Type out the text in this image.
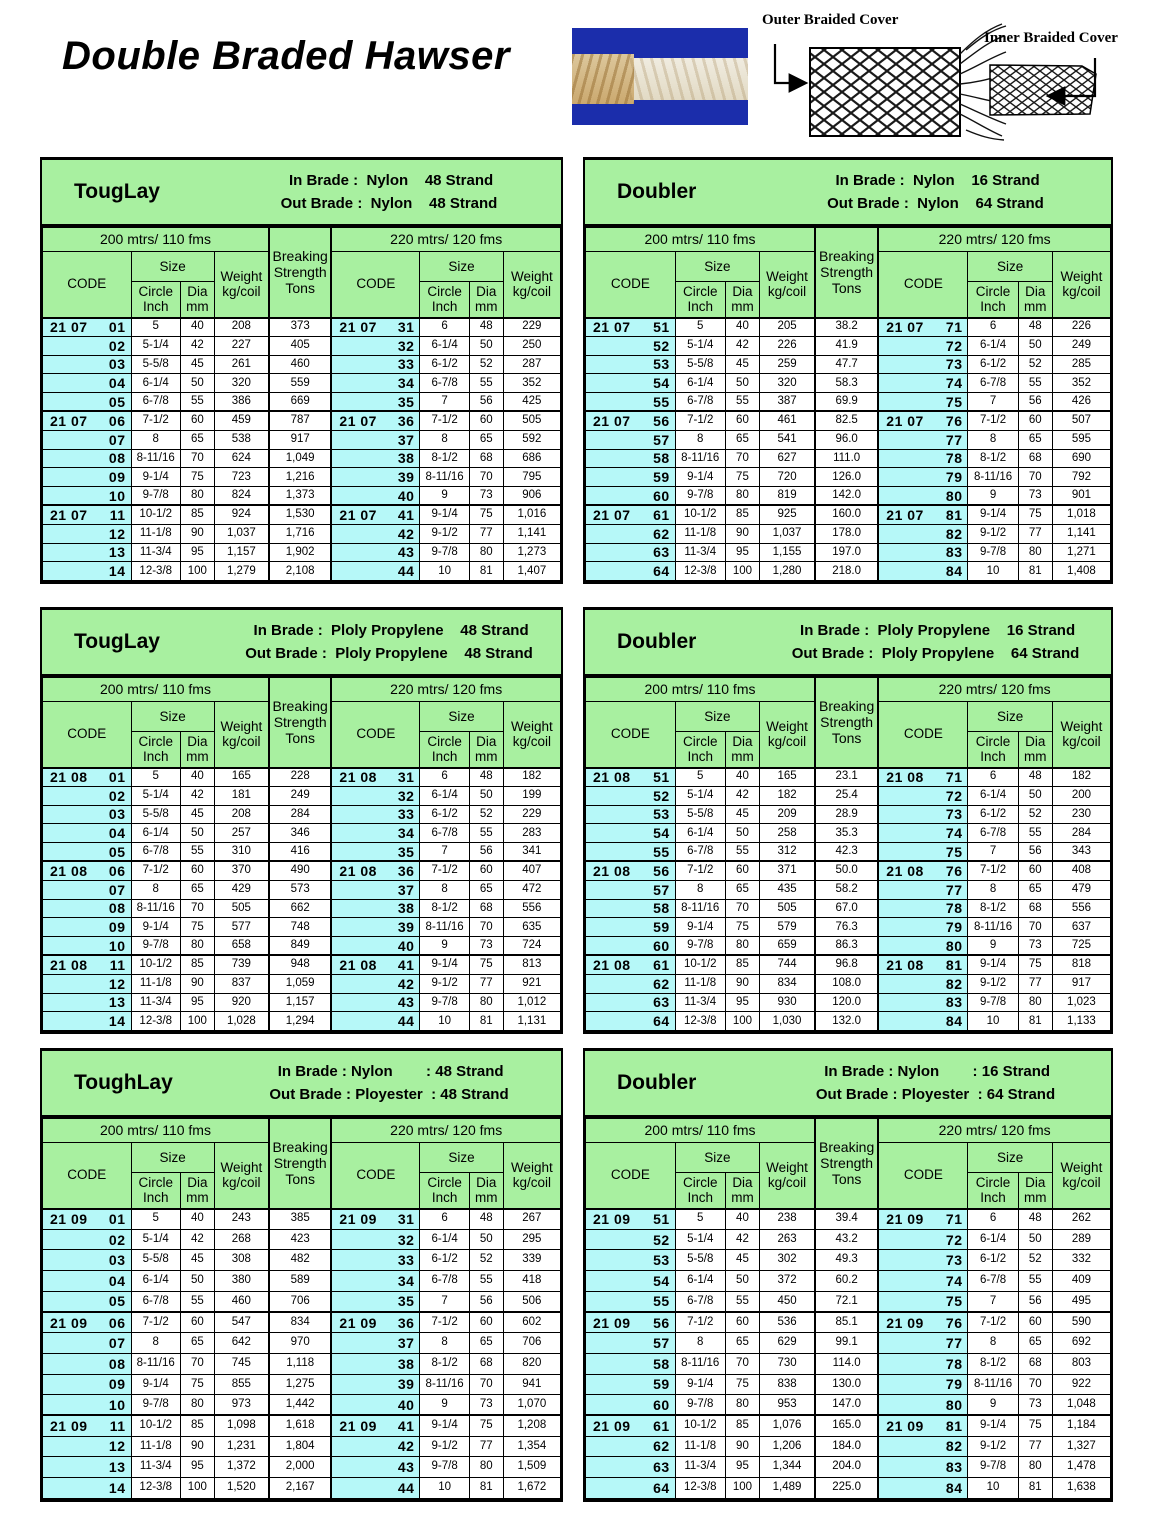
Double Braded Hawser
Outer Braided Cover
Inner Braided Cover
TougLay	In Brade :  Nylon    48 Strand
Out Brade :  Nylon    48 Strand
200 mtrs/ 110 fms				Breaking Strength Tons	220 mtrs/ 120 fms			
CODE	Size		Weight kg/coil		CODE	Size		Weight kg/coil
	Circle Inch	Dia mm				Circle Inch	Dia mm	

21 07 01	5	40	208	373	21 07 31	6	48	229

02	5-1/4	42	227	405	32	6-1/4	50	250

03	5-5/8	45	261	460	33	6-1/2	52	287

04	6-1/4	50	320	559	34	6-7/8	55	352

05	6-7/8	55	386	669	35	7	56	425

21 07 06	7-1/2	60	459	787	21 07 36	7-1/2	60	505

07	8	65	538	917	37	8	65	592

08	8-11/16	70	624	1,049	38	8-1/2	68	686

09	9-1/4	75	723	1,216	39	8-11/16	70	795

10	9-7/8	80	824	1,373	40	9	73	906

21 07 11	10-1/2	85	924	1,530	21 07 41	9-1/4	75	1,016

12	11-1/8	90	1,037	1,716	42	9-1/2	77	1,141

13	11-3/4	95	1,157	1,902	43	9-7/8	80	1,273

14	12-3/8	100	1,279	2,108	44	10	81	1,407
Doubler	In Brade :  Nylon    16 Strand
Out Brade :  Nylon    64 Strand
200 mtrs/ 110 fms				Breaking Strength Tons	220 mtrs/ 120 fms			
CODE	Size		Weight kg/coil		CODE	Size		Weight kg/coil
	Circle Inch	Dia mm				Circle Inch	Dia mm	

21 07 51	5	40	205	38.2	21 07 71	6	48	226

52	5-1/4	42	226	41.9	72	6-1/4	50	249

53	5-5/8	45	259	47.7	73	6-1/2	52	285

54	6-1/4	50	320	58.3	74	6-7/8	55	352

55	6-7/8	55	387	69.9	75	7	56	426

21 07 56	7-1/2	60	461	82.5	21 07 76	7-1/2	60	507

57	8	65	541	96.0	77	8	65	595

58	8-11/16	70	627	111.0	78	8-1/2	68	690

59	9-1/4	75	720	126.0	79	8-11/16	70	792

60	9-7/8	80	819	142.0	80	9	73	901

21 07 61	10-1/2	85	925	160.0	21 07 81	9-1/4	75	1,018

62	11-1/8	90	1,037	178.0	82	9-1/2	77	1,141

63	11-3/4	95	1,155	197.0	83	9-7/8	80	1,271

64	12-3/8	100	1,280	218.0	84	10	81	1,408
TougLay	In Brade :  Ploly Propylene    48 Strand
Out Brade :  Ploly Propylene    48 Strand
200 mtrs/ 110 fms				Breaking Strength Tons	220 mtrs/ 120 fms			
CODE	Size		Weight kg/coil		CODE	Size		Weight kg/coil
	Circle Inch	Dia mm				Circle Inch	Dia mm	

21 08 01	5	40	165	228	21 08 31	6	48	182

02	5-1/4	42	181	249	32	6-1/4	50	199

03	5-5/8	45	208	284	33	6-1/2	52	229

04	6-1/4	50	257	346	34	6-7/8	55	283

05	6-7/8	55	310	416	35	7	56	341

21 08 06	7-1/2	60	370	490	21 08 36	7-1/2	60	407

07	8	65	429	573	37	8	65	472

08	8-11/16	70	505	662	38	8-1/2	68	556

09	9-1/4	75	577	748	39	8-11/16	70	635

10	9-7/8	80	658	849	40	9	73	724

21 08 11	10-1/2	85	739	948	21 08 41	9-1/4	75	813

12	11-1/8	90	837	1,059	42	9-1/2	77	921

13	11-3/4	95	920	1,157	43	9-7/8	80	1,012

14	12-3/8	100	1,028	1,294	44	10	81	1,131
Doubler	In Brade :  Ploly Propylene    16 Strand
Out Brade :  Ploly Propylene    64 Strand
200 mtrs/ 110 fms				Breaking Strength Tons	220 mtrs/ 120 fms			
CODE	Size		Weight kg/coil		CODE	Size		Weight kg/coil
	Circle Inch	Dia mm				Circle Inch	Dia mm	

21 08 51	5	40	165	23.1	21 08 71	6	48	182

52	5-1/4	42	182	25.4	72	6-1/4	50	200

53	5-5/8	45	209	28.9	73	6-1/2	52	230

54	6-1/4	50	258	35.3	74	6-7/8	55	284

55	6-7/8	55	312	42.3	75	7	56	343

21 08 56	7-1/2	60	371	50.0	21 08 76	7-1/2	60	408

57	8	65	435	58.2	77	8	65	479

58	8-11/16	70	505	67.0	78	8-1/2	68	556

59	9-1/4	75	579	76.3	79	8-11/16	70	637

60	9-7/8	80	659	86.3	80	9	73	725

21 08 61	10-1/2	85	744	96.8	21 08 81	9-1/4	75	818

62	11-1/8	90	834	108.0	82	9-1/2	77	917

63	11-3/4	95	930	120.0	83	9-7/8	80	1,023

64	12-3/8	100	1,030	132.0	84	10	81	1,133
ToughLay	In Brade : Nylon        : 48 Strand
Out Brade : Ployester  : 48 Strand
200 mtrs/ 110 fms				Breaking Strength Tons	220 mtrs/ 120 fms			
CODE	Size		Weight kg/coil		CODE	Size		Weight kg/coil
	Circle Inch	Dia mm				Circle Inch	Dia mm	

21 09 01	5	40	243	385	21 09 31	6	48	267

02	5-1/4	42	268	423	32	6-1/4	50	295

03	5-5/8	45	308	482	33	6-1/2	52	339

04	6-1/4	50	380	589	34	6-7/8	55	418

05	6-7/8	55	460	706	35	7	56	506

21 09 06	7-1/2	60	547	834	21 09 36	7-1/2	60	602

07	8	65	642	970	37	8	65	706

08	8-11/16	70	745	1,118	38	8-1/2	68	820

09	9-1/4	75	855	1,275	39	8-11/16	70	941

10	9-7/8	80	973	1,442	40	9	73	1,070

21 09 11	10-1/2	85	1,098	1,618	21 09 41	9-1/4	75	1,208

12	11-1/8	90	1,231	1,804	42	9-1/2	77	1,354

13	11-3/4	95	1,372	2,000	43	9-7/8	80	1,509

14	12-3/8	100	1,520	2,167	44	10	81	1,672
Doubler	In Brade : Nylon        : 16 Strand
Out Brade : Ployester  : 64 Strand
200 mtrs/ 110 fms				Breaking Strength Tons	220 mtrs/ 120 fms			
CODE	Size		Weight kg/coil		CODE	Size		Weight kg/coil
	Circle Inch	Dia mm				Circle Inch	Dia mm	

21 09 51	5	40	238	39.4	21 09 71	6	48	262

52	5-1/4	42	263	43.2	72	6-1/4	50	289

53	5-5/8	45	302	49.3	73	6-1/2	52	332

54	6-1/4	50	372	60.2	74	6-7/8	55	409

55	6-7/8	55	450	72.1	75	7	56	495

21 09 56	7-1/2	60	536	85.1	21 09 76	7-1/2	60	590

57	8	65	629	99.1	77	8	65	692

58	8-11/16	70	730	114.0	78	8-1/2	68	803

59	9-1/4	75	838	130.0	79	8-11/16	70	922

60	9-7/8	80	953	147.0	80	9	73	1,048

21 09 61	10-1/2	85	1,076	165.0	21 09 81	9-1/4	75	1,184

62	11-1/8	90	1,206	184.0	82	9-1/2	77	1,327

63	11-3/4	95	1,344	204.0	83	9-7/8	80	1,478

64	12-3/8	100	1,489	225.0	84	10	81	1,638
